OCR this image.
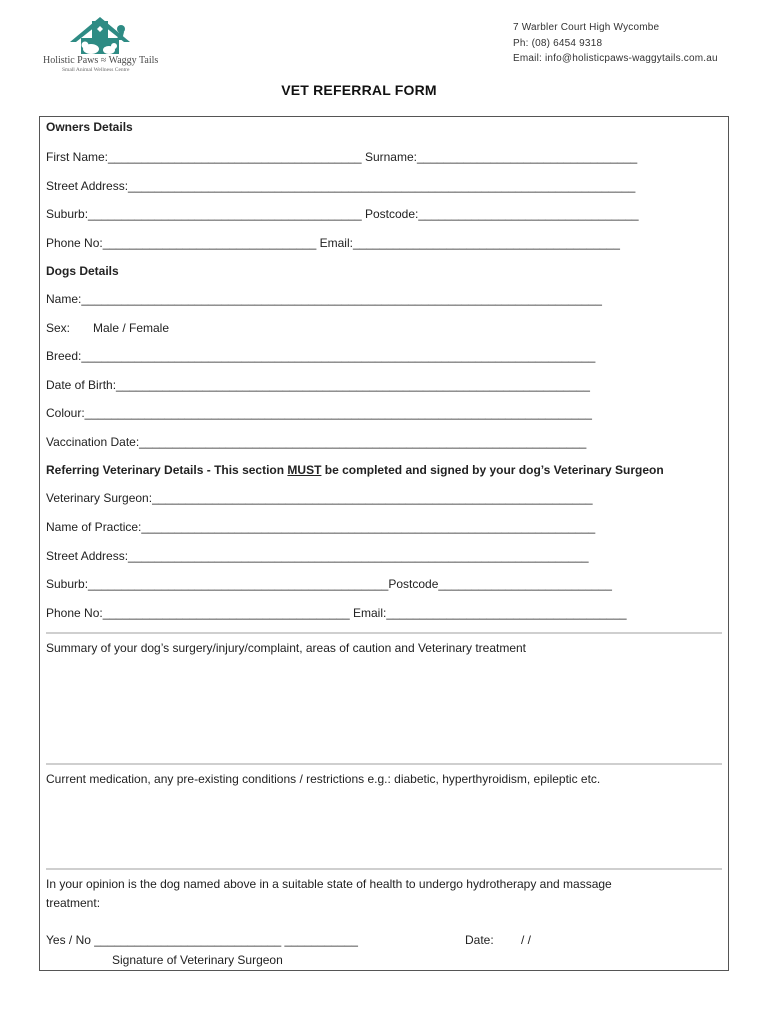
Holistic Paws ≈ Waggy Tails
Small Animal Wellness Centre
7 Warbler Court High Wycombe
Ph: (08) 6454 9318
Email: info@holisticpaws-waggytails.com.au
VET REFERRAL FORM
Owners Details
First Name:______________________________________ Surname:_________________________________
Street Address:____________________________________________________________________________
Suburb:_________________________________________ Postcode:_________________________________
Phone No:________________________________ Email:________________________________________
Dogs Details
Name:______________________________________________________________________________
Sex: Male / Female
Breed:_____________________________________________________________________________
Date of Birth:_______________________________________________________________________
Colour:____________________________________________________________________________
Vaccination Date:___________________________________________________________________
Referring Veterinary Details - This section MUST be completed and signed by your dog’s Veterinary Surgeon
Veterinary Surgeon:__________________________________________________________________
Name of Practice:____________________________________________________________________
Street Address:_____________________________________________________________________
Suburb:_____________________________________________Postcode__________________________
Phone No:_____________________________________ Email:____________________________________
Summary of your dog’s surgery/injury/complaint, areas of caution and Veterinary treatment
Current medication, any pre-existing conditions / restrictions e.g.: diabetic, hyperthyroidism, epileptic etc.
In your opinion is the dog named above in a suitable state of health to undergo hydrotherapy and massage
treatment:
Yes / No ____________________________ ___________	Date: / /
Signature of Veterinary Surgeon
